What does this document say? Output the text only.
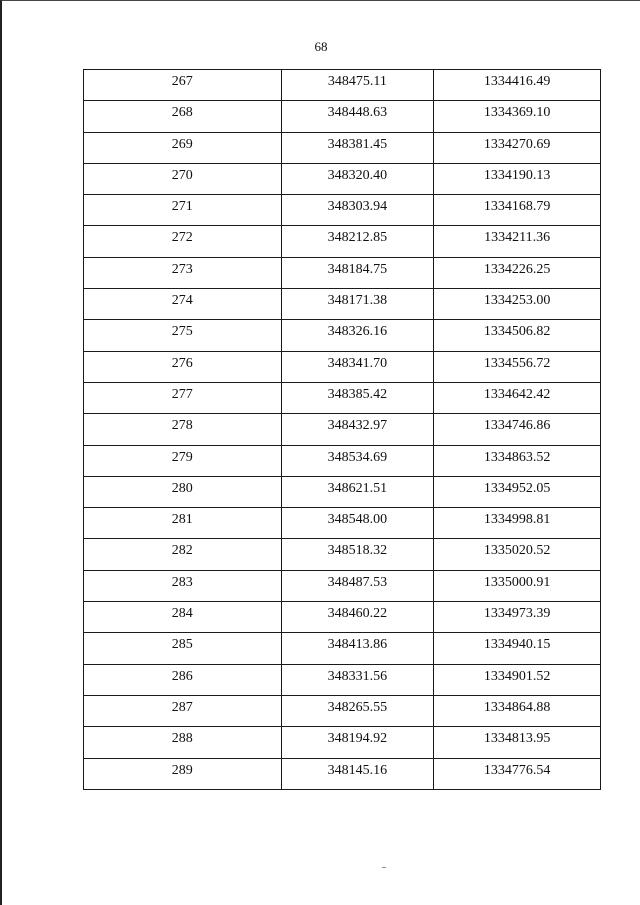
68
267	348475.11	1334416.49
268	348448.63	1334369.10
269	348381.45	1334270.69
270	348320.40	1334190.13
271	348303.94	1334168.79
272	348212.85	1334211.36
273	348184.75	1334226.25
274	348171.38	1334253.00
275	348326.16	1334506.82
276	348341.70	1334556.72
277	348385.42	1334642.42
278	348432.97	1334746.86
279	348534.69	1334863.52
280	348621.51	1334952.05
281	348548.00	1334998.81
282	348518.32	1335020.52
283	348487.53	1335000.91
284	348460.22	1334973.39
285	348413.86	1334940.15
286	348331.56	1334901.52
287	348265.55	1334864.88
288	348194.92	1334813.95
289	348145.16	1334776.54
